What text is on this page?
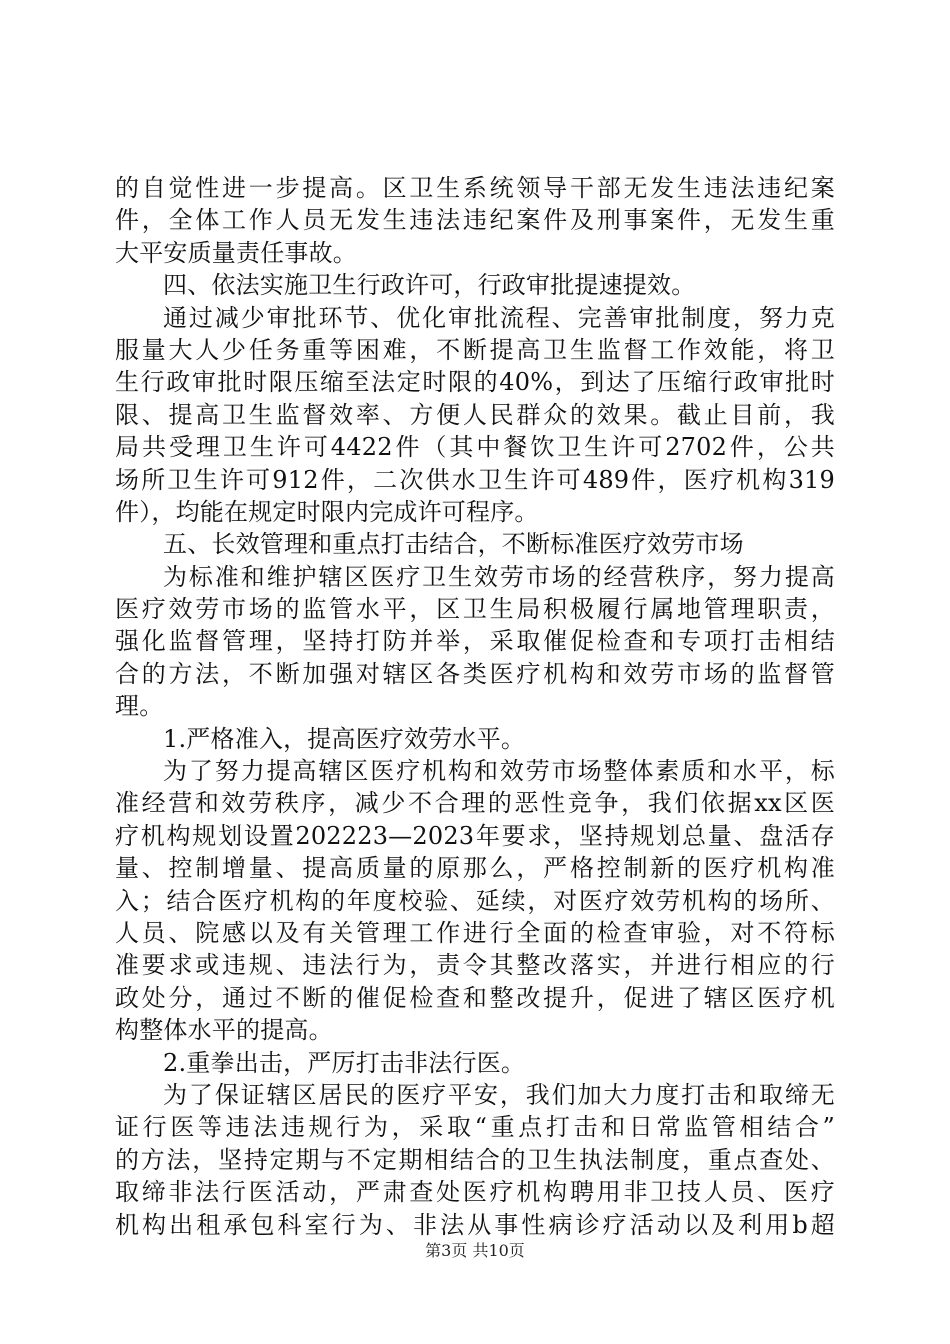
的自觉性进一步提高。区卫生系统领导干部无发生违法违纪案
件，全体工作人员无发生违法违纪案件及刑事案件，无发生重
大平安质量责任事故。
四、依法实施卫生行政许可，行政审批提速提效。
通过减少审批环节、优化审批流程、完善审批制度，努力克
服量大人少任务重等困难，不断提高卫生监督工作效能，将卫
生行政审批时限压缩至法定时限的40%，到达了压缩行政审批时
限、提高卫生监督效率、方便人民群众的效果。截止目前，我
局共受理卫生许可4422件（其中餐饮卫生许可2702件，公共
场所卫生许可912件，二次供水卫生许可489件，医疗机构319
件），均能在规定时限内完成许可程序。
五、长效管理和重点打击结合，不断标准医疗效劳市场
为标准和维护辖区医疗卫生效劳市场的经营秩序，努力提高
医疗效劳市场的监管水平，区卫生局积极履行属地管理职责，
强化监督管理，坚持打防并举，采取催促检查和专项打击相结
合的方法，不断加强对辖区各类医疗机构和效劳市场的监督管
理。
1.严格准入，提高医疗效劳水平。
为了努力提高辖区医疗机构和效劳市场整体素质和水平，标
准经营和效劳秩序，减少不合理的恶性竞争，我们依据xx区医
疗机构规划设置202223—2023年要求，坚持规划总量、盘活存
量、控制增量、提高质量的原那么，严格控制新的医疗机构准
入；结合医疗机构的年度校验、延续，对医疗效劳机构的场所、
人员、院感以及有关管理工作进行全面的检查审验，对不符标
准要求或违规、违法行为，责令其整改落实，并进行相应的行
政处分，通过不断的催促检查和整改提升，促进了辖区医疗机
构整体水平的提高。
2.重拳出击，严厉打击非法行医。
为了保证辖区居民的医疗平安，我们加大力度打击和取缔无
证行医等违法违规行为，采取“重点打击和日常监管相结合”
的方法，坚持定期与不定期相结合的卫生执法制度，重点查处、
取缔非法行医活动，严肃查处医疗机构聘用非卫技人员、医疗
机构出租承包科室行为、非法从事性病诊疗活动以及利用b超
第3页 共10页
